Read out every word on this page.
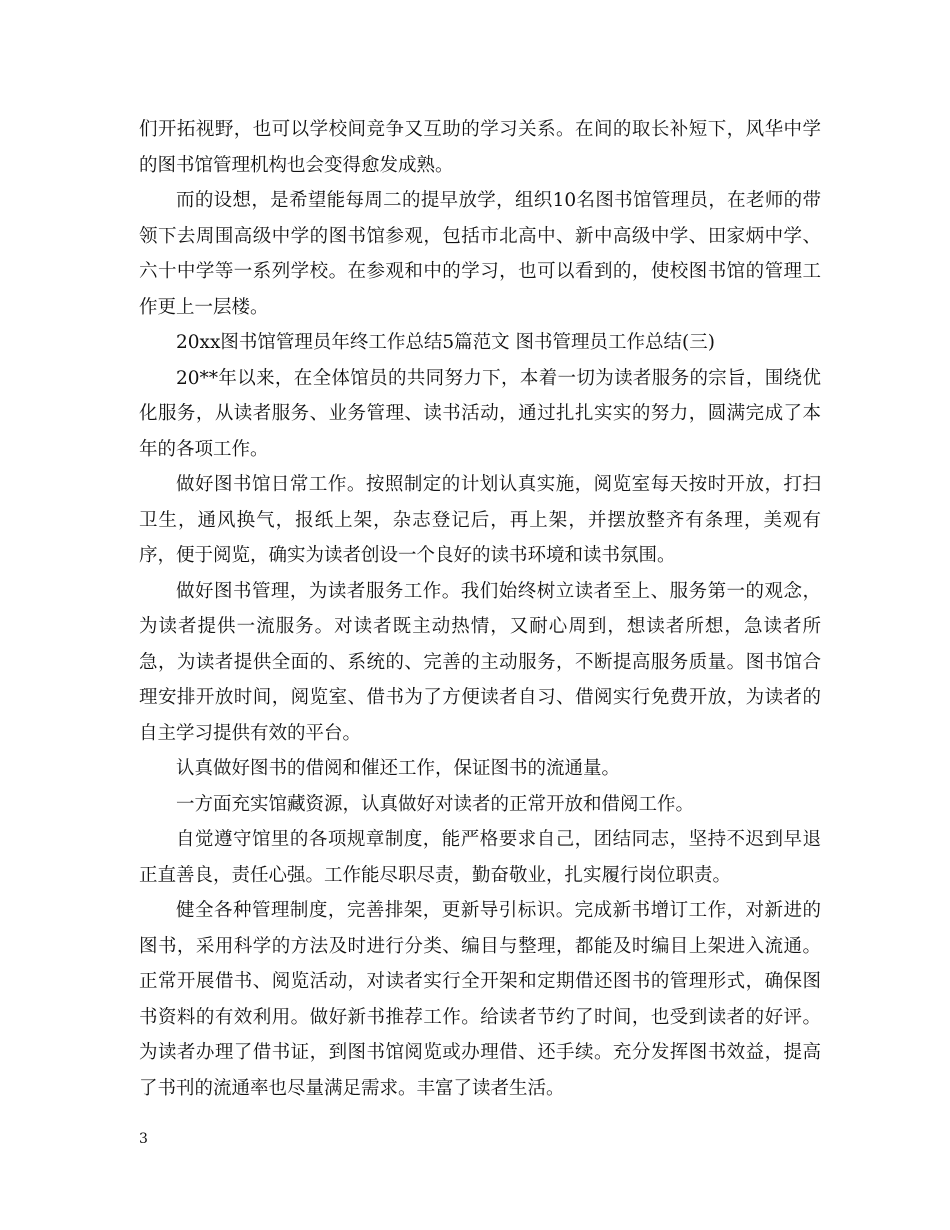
们开拓视野，也可以学校间竞争又互助的学习关系。在间的取长补短下，风华中学的图书馆管理机构也会变得愈发成熟。

而的设想，是希望能每周二的提早放学，组织10名图书馆管理员，在老师的带领下去周围高级中学的图书馆参观，包括市北高中、新中高级中学、田家炳中学、六十中学等一系列学校。在参观和中的学习，也可以看到的，使校图书馆的管理工作更上一层楼。

20xx图书馆管理员年终工作总结5篇范文 图书管理员工作总结(三)

20**年以来，在全体馆员的共同努力下，本着一切为读者服务的宗旨，围绕优化服务，从读者服务、业务管理、读书活动，通过扎扎实实的努力，圆满完成了本年的各项工作。

做好图书馆日常工作。按照制定的计划认真实施，阅览室每天按时开放，打扫卫生，通风换气，报纸上架，杂志登记后，再上架，并摆放整齐有条理，美观有序，便于阅览，确实为读者创设一个良好的读书环境和读书氛围。

做好图书管理，为读者服务工作。我们始终树立读者至上、服务第一的观念，为读者提供一流服务。对读者既主动热情，又耐心周到，想读者所想，急读者所急，为读者提供全面的、系统的、完善的主动服务，不断提高服务质量。图书馆合理安排开放时间，阅览室、借书为了方便读者自习、借阅实行免费开放，为读者的自主学习提供有效的平台。

认真做好图书的借阅和催还工作，保证图书的流通量。

一方面充实馆藏资源，认真做好对读者的正常开放和借阅工作。

自觉遵守馆里的各项规章制度，能严格要求自己，团结同志，坚持不迟到早退正直善良，责任心强。工作能尽职尽责，勤奋敬业，扎实履行岗位职责。

健全各种管理制度，完善排架，更新导引标识。完成新书增订工作，对新进的图书，采用科学的方法及时进行分类、编目与整理，都能及时编目上架进入流通。正常开展借书、阅览活动，对读者实行全开架和定期借还图书的管理形式，确保图书资料的有效利用。做好新书推荐工作。给读者节约了时间，也受到读者的好评。为读者办理了借书证，到图书馆阅览或办理借、还手续。充分发挥图书效益，提高了书刊的流通率也尽量满足需求。丰富了读者生活。

3
